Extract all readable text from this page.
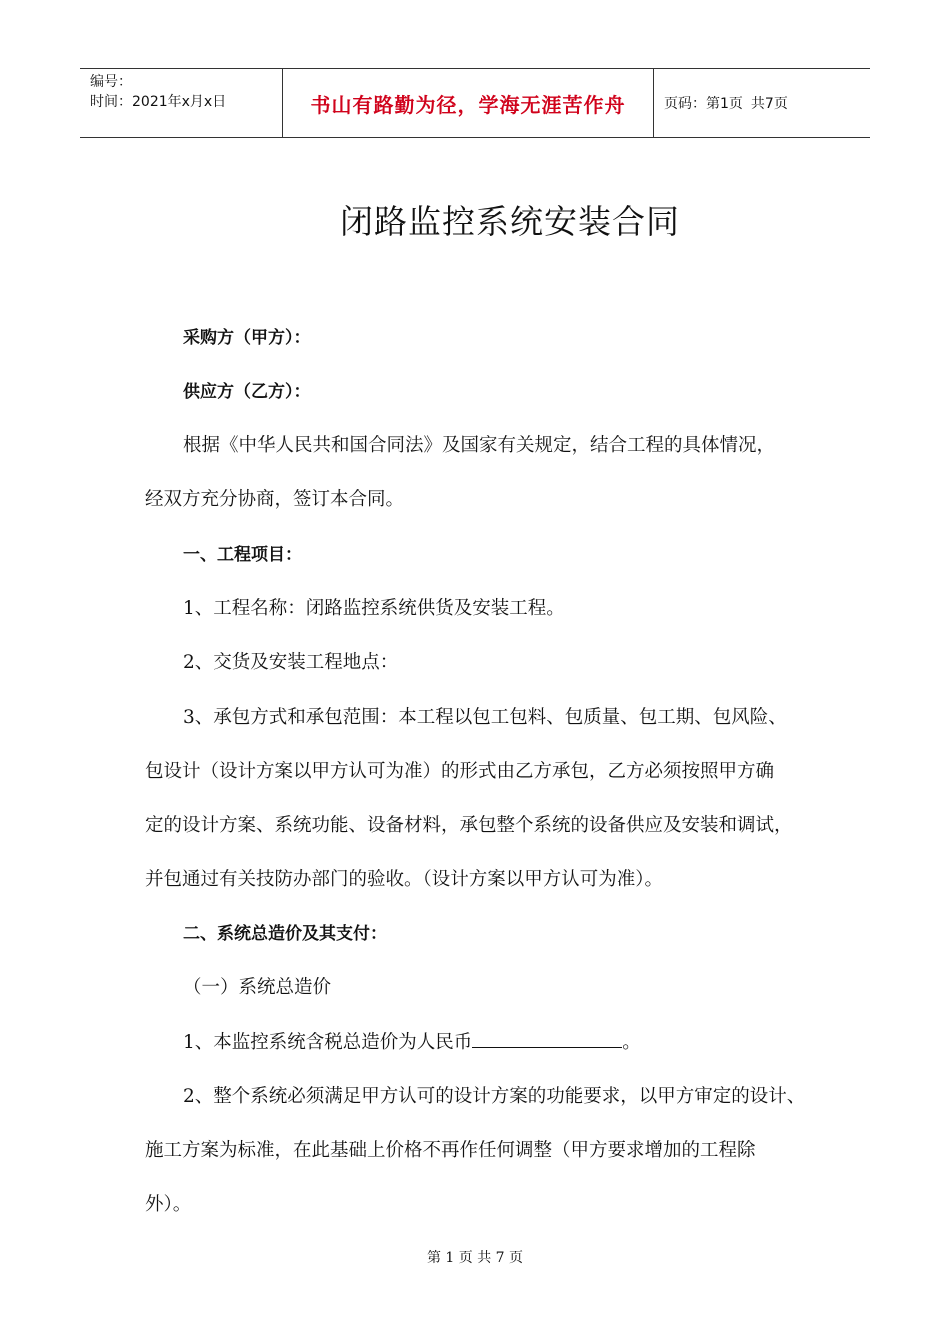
编号：
时间：2021年x月x日	书山有路勤为径，学海无涯苦作舟	页码：第1页 共7页
闭路监控系统安装合同
采购方（甲方）：
供应方（乙方）：
根据《中华人民共和国合同法》及国家有关规定，结合工程的具体情况，
经双方充分协商，签订本合同。
一、工程项目：
1、工程名称：闭路监控系统供货及安装工程。
2、交货及安装工程地点：
3、承包方式和承包范围：本工程以包工包料、包质量、包工期、包风险、
包设计（设计方案以甲方认可为准）的形式由乙方承包，乙方必须按照甲方确
定的设计方案、系统功能、设备材料，承包整个系统的设备供应及安装和调试，
并包通过有关技防办部门的验收。（设计方案以甲方认可为准）。
二、系统总造价及其支付：
（一）系统总造价
1、本监控系统含税总造价为人民币	。
2、整个系统必须满足甲方认可的设计方案的功能要求，以甲方审定的设计、
施工方案为标准，在此基础上价格不再作任何调整（甲方要求增加的工程除
外）。
第 1 页 共 7 页
